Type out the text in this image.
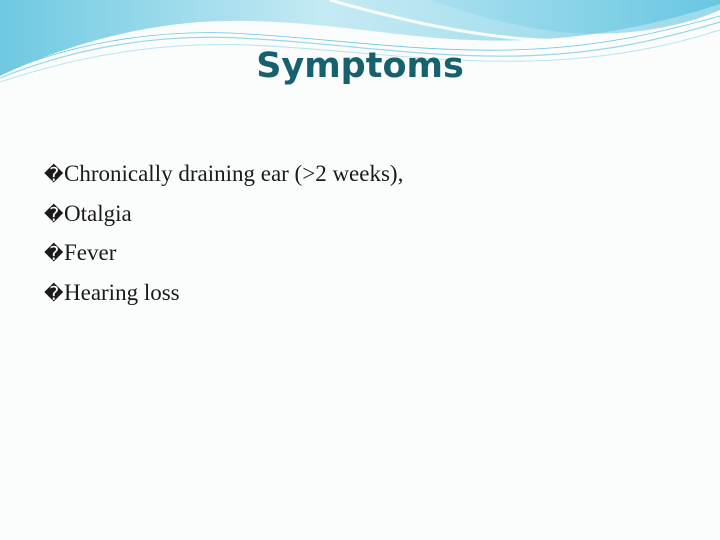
Symptoms
�Chronically draining ear (>2 weeks),
�Otalgia
�Fever
�Hearing loss
